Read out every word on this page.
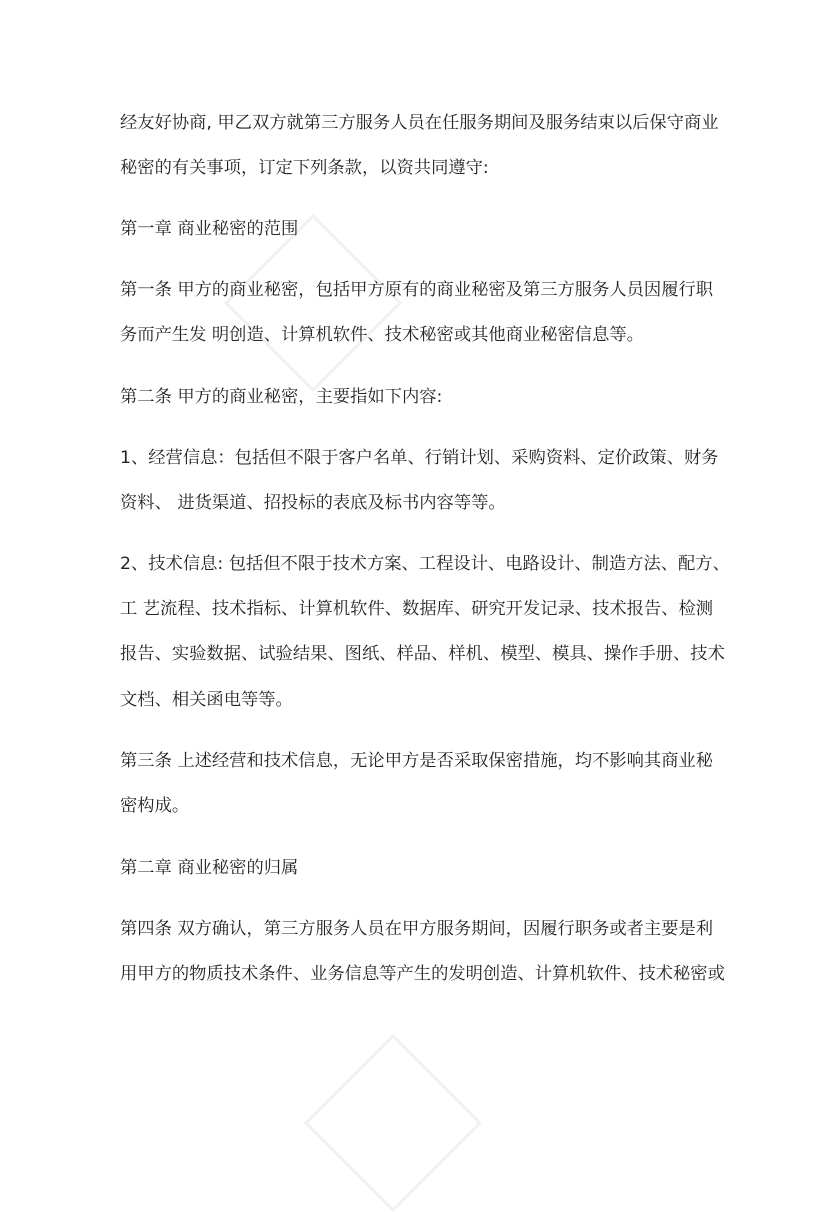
经友好协商, 甲乙双方就第三方服务人员在任服务期间及服务结束以后保守商业
秘密的有关事项，订定下列条款，以资共同遵守:
第一章 商业秘密的范围
第一条 甲方的商业秘密，包括甲方原有的商业秘密及第三方服务人员因履行职
务而产生发 明创造、计算机软件、技术秘密或其他商业秘密信息等。
第二条 甲方的商业秘密，主要指如下内容:
1、经营信息：包括但不限于客户名单、行销计划、采购资料、定价政策、财务
资料、 进货渠道、招投标的表底及标书内容等等。
2、技术信息: 包括但不限于技术方案、工程设计、电路设计、制造方法、配方、
工 艺流程、技术指标、计算机软件、数据库、研究开发记录、技术报告、检测
报告、实验数据、试验结果、图纸、样品、样机、模型、模具、操作手册、技术
文档、相关函电等等。
第三条 上述经营和技术信息，无论甲方是否采取保密措施，均不影响其商业秘
密构成。
第二章 商业秘密的归属
第四条 双方确认，第三方服务人员在甲方服务期间，因履行职务或者主要是利
用甲方的物质技术条件、业务信息等产生的发明创造、计算机软件、技术秘密或
